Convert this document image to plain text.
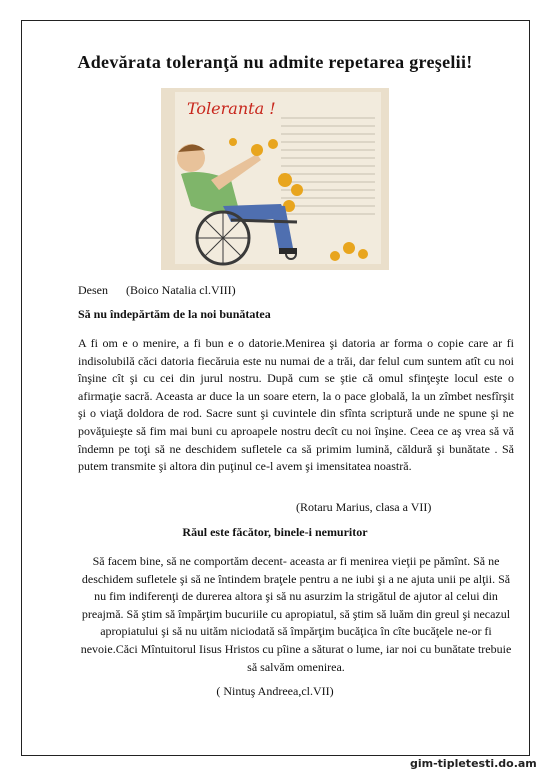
Adevărata toleranţă nu admite repetarea greşelii!
Toleranta !

Desen (Boico Natalia cl.VIII)

Să nu îndepărtăm de la noi bunătatea

A fi om e o menire, a fi bun e o datorie.Menirea şi datoria ar forma o copie care ar fi indisolubilă căci datoria fiecăruia este nu numai de a trăi, dar felul cum suntem atît cu noi înşine cît şi cu cei din jurul nostru. După cum se ştie că omul sfinţeşte locul este o afirmaţie sacră. Aceasta ar duce la un soare etern, la o pace globală, la un zîmbet nesfîrşit şi o viaţă doldora de rod. Sacre sunt şi cuvintele din sfînta scriptură unde ne spune şi ne povăţuieşte să fim mai buni cu aproapele nostru decît cu noi înşine. Ceea ce aş vrea să vă îndemn pe toţi să ne deschidem sufletele ca să primim lumină, căldură şi bunătate . Să putem transmite şi altora din puţinul ce-l avem şi imensitatea noastră.

(Rotaru Marius, clasa a VII)

Răul este făcător, binele-i nemuritor

Să facem bine, să ne comportăm decent- aceasta ar fi menirea vieţii pe pămînt. Să ne deschidem sufletele şi să ne întindem braţele pentru a ne iubi şi a ne ajuta unii pe alţii. Să nu fim indiferenţi de durerea altora şi să nu asurzim la strigătul de ajutor al celui din preajmă. Să ştim să împărţim bucuriile cu apropiatul, să ştim să luăm din greul şi necazul apropiatului şi să nu uităm niciodată să împărţim bucăţica în cîte bucăţele ne-or fi nevoie.Căci Mîntuitorul Iisus Hristos cu pîine a săturat o lume, iar noi cu bunătate trebuie să salvăm omenirea.

( Nintuş Andreea,cl.VII)

gim-tipletesti.do.am
